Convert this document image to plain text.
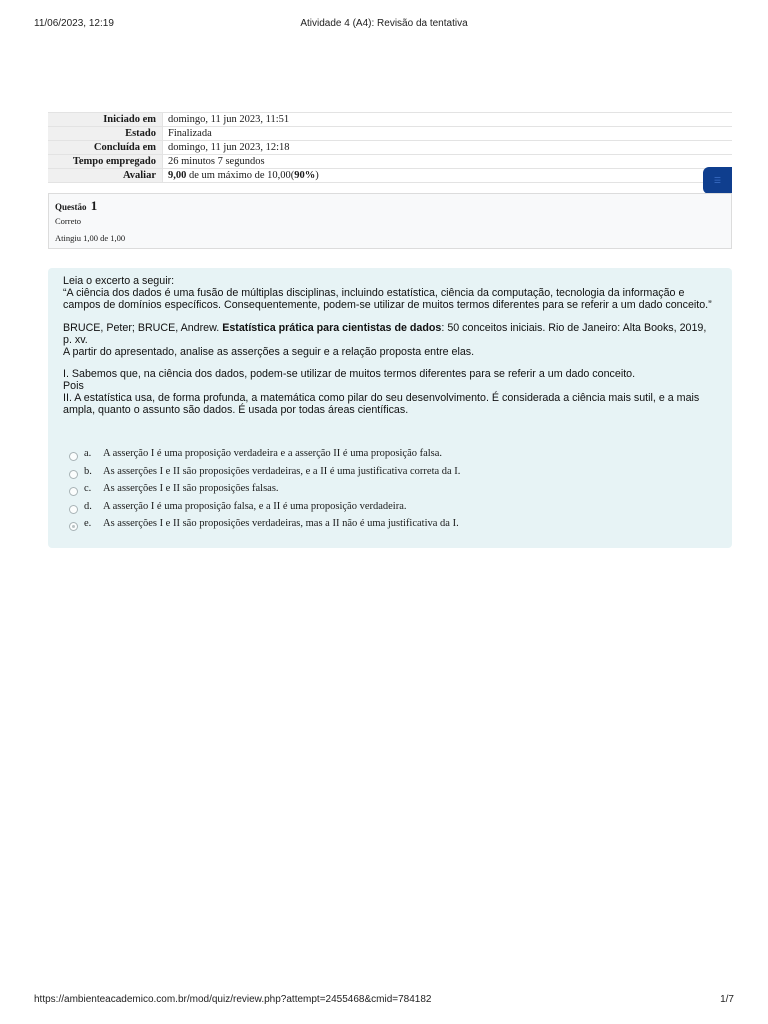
11/06/2023, 12:19	Atividade 4 (A4): Revisão da tentativa
Iniciado em	domingo, 11 jun 2023, 11:51
Estado	Finalizada
Concluída em	domingo, 11 jun 2023, 12:18
Tempo empregado	26 minutos 7 segundos
Avaliar	9,00 de um máximo de 10,00(90%)	☰
Questão 1
Correto
Atingiu 1,00 de 1,00

Leia o excerto a seguir:

“A ciência dos dados é uma fusão de múltiplas disciplinas, incluindo estatística, ciência da computação, tecnologia da informação e campos de domínios específicos. Consequentemente, podem-se utilizar de muitos termos diferentes para se referir a um dado conceito.”

BRUCE, Peter; BRUCE, Andrew. Estatística prática para cientistas de dados: 50 conceitos iniciais. Rio de Janeiro: Alta Books, 2019, p. xv.

A partir do apresentado, analise as asserções a seguir e a relação proposta entre elas.

I. Sabemos que, na ciência dos dados, podem-se utilizar de muitos termos diferentes para se referir a um dado conceito.

Pois

II. A estatística usa, de forma profunda, a matemática como pilar do seu desenvolvimento. É considerada a ciência mais sutil, e a mais ampla, quanto o assunto são dados. É usada por todas áreas científicas.

a. A asserção I é uma proposição verdadeira e a asserção II é uma proposição falsa.
b. As asserções I e II são proposições verdadeiras, e a II é uma justificativa correta da I.
c. As asserções I e II são proposições falsas.
d. A asserção I é uma proposição falsa, e a II é uma proposição verdadeira.
e. As asserções I e II são proposições verdadeiras, mas a II não é uma justificativa da I.
https://ambienteacademico.com.br/mod/quiz/review.php?attempt=2455468&cmid=784182	1/7
